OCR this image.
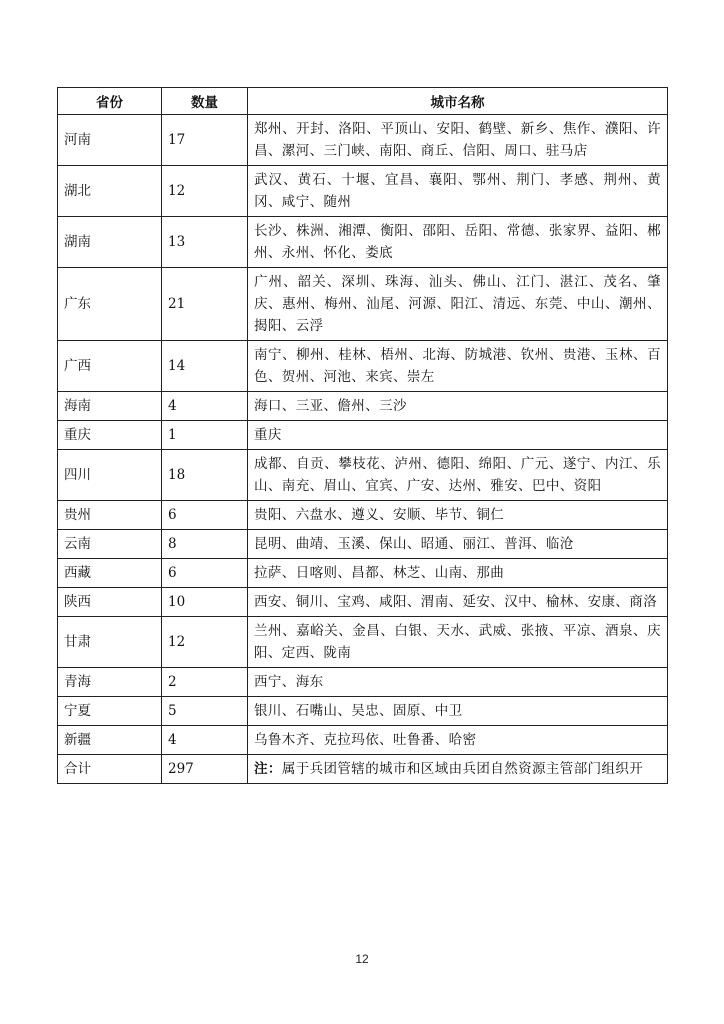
省份	数量	城市名称
河南	17	郑州、开封、洛阳、平顶山、安阳、鹤壁、新乡、焦作、濮阳、许昌、漯河、三门峡、南阳、商丘、信阳、周口、驻马店
湖北	12	武汉、黄石、十堰、宜昌、襄阳、鄂州、荆门、孝感、荆州、黄冈、咸宁、随州
湖南	13	长沙、株洲、湘潭、衡阳、邵阳、岳阳、常德、张家界、益阳、郴州、永州、怀化、娄底
广东	21	广州、韶关、深圳、珠海、汕头、佛山、江门、湛江、茂名、肇庆、惠州、梅州、汕尾、河源、阳江、清远、东莞、中山、潮州、揭阳、云浮
广西	14	南宁、柳州、桂林、梧州、北海、防城港、钦州、贵港、玉林、百色、贺州、河池、来宾、崇左
海南	4	海口、三亚、儋州、三沙
重庆	1	重庆
四川	18	成都、自贡、攀枝花、泸州、德阳、绵阳、广元、遂宁、内江、乐山、南充、眉山、宜宾、广安、达州、雅安、巴中、资阳
贵州	6	贵阳、六盘水、遵义、安顺、毕节、铜仁
云南	8	昆明、曲靖、玉溪、保山、昭通、丽江、普洱、临沧
西藏	6	拉萨、日喀则、昌都、林芝、山南、那曲
陕西	10	西安、铜川、宝鸡、咸阳、渭南、延安、汉中、榆林、安康、商洛
甘肃	12	兰州、嘉峪关、金昌、白银、天水、武威、张掖、平凉、酒泉、庆阳、定西、陇南
青海	2	西宁、海东
宁夏	5	银川、石嘴山、吴忠、固原、中卫
新疆	4	乌鲁木齐、克拉玛依、吐鲁番、哈密
合计	297	注：属于兵团管辖的城市和区域由兵团自然资源主管部门组织开
12
